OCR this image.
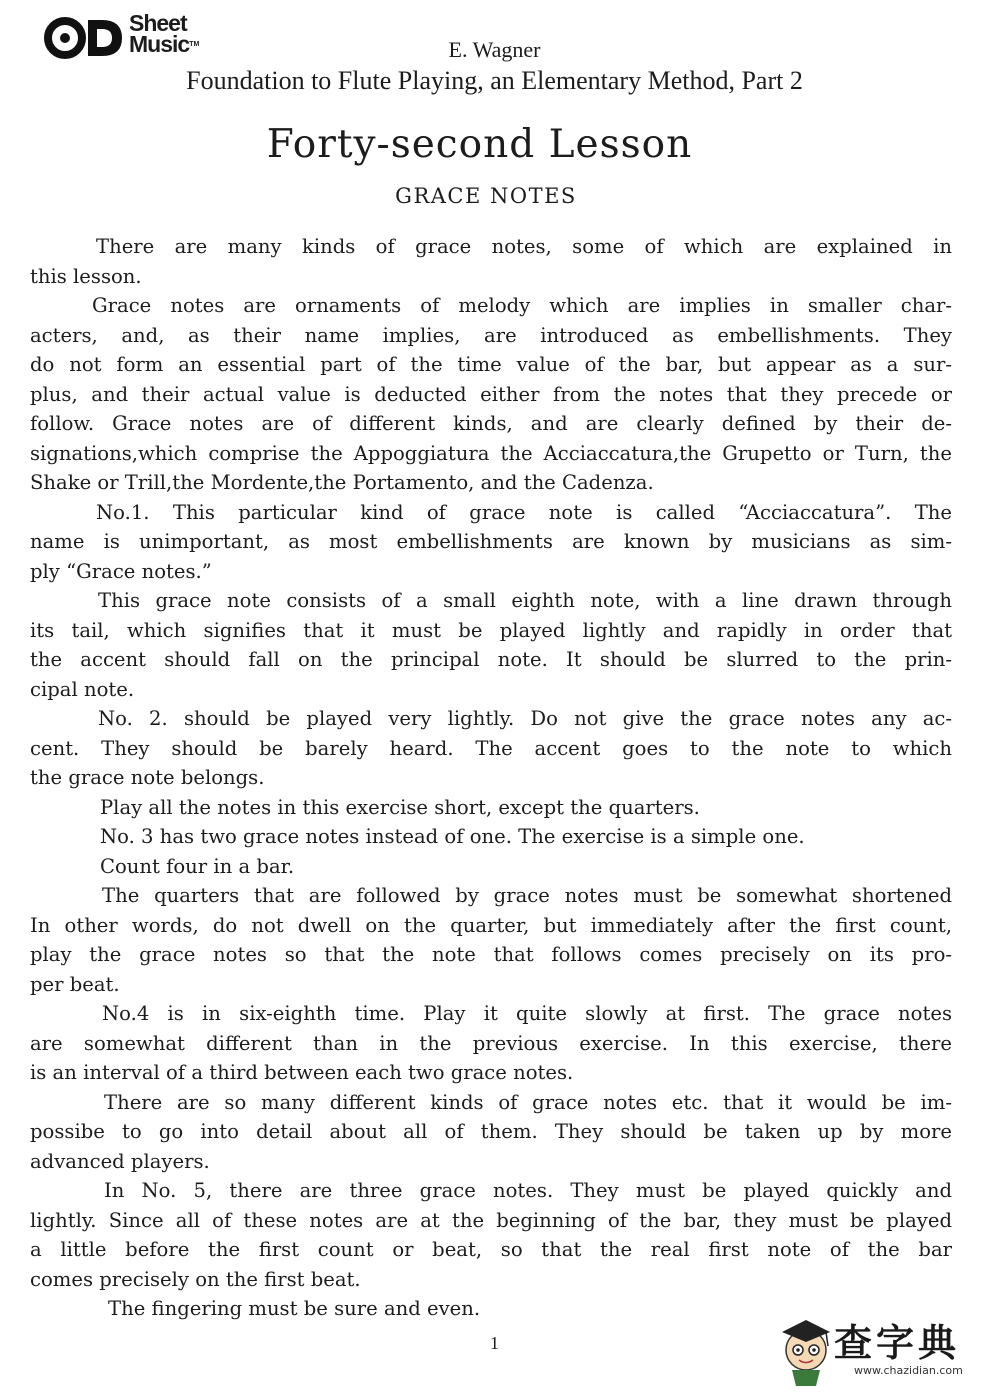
Sheet
Music™	E. Wagner
Foundation to Flute Playing, an Elementary Method, Part 2
Forty-second Lesson
GRACE NOTES
There are many kinds of grace notes, some of which are explained in
this lesson.
Grace notes are ornaments of melody which are implies in smaller char-
acters, and, as their name implies, are introduced as embellishments. They
do not form an essential part of the time value of the bar, but appear as a sur-
plus, and their actual value is deducted either from the notes that they precede or
follow. Grace notes are of different kinds, and are clearly defined by their de-
signations,which comprise the Appoggiatura the Acciaccatura,the Grupetto or Turn, the
Shake or Trill,the Mordente,the Portamento, and the Cadenza.
No.1. This particular kind of grace note is called “Acciaccatura”. The
name is unimportant, as most embellishments are known by musicians as sim-
ply “Grace notes.”
This grace note consists of a small eighth note, with a line drawn through
its tail, which signifies that it must be played lightly and rapidly in order that
the accent should fall on the principal note. It should be slurred to the prin-
cipal note.
No. 2. should be played very lightly. Do not give the grace notes any ac-
cent. They should be barely heard. The accent goes to the note to which
the grace note belongs.
Play all the notes in this exercise short, except the quarters.
No. 3 has two grace notes instead of one. The exercise is a simple one.
Count four in a bar.
The quarters that are followed by grace notes must be somewhat shortened
In other words, do not dwell on the quarter, but immediately after the first count,
play the grace notes so that the note that follows comes precisely on its pro-
per beat.
No.4 is in six-eighth time. Play it quite slowly at first. The grace notes
are somewhat different than in the previous exercise. In this exercise, there
is an interval of a third between each two grace notes.
There are so many different kinds of grace notes etc. that it would be im-
possibe to go into detail about all of them. They should be taken up by more
advanced players.
In No. 5, there are three grace notes. They must be played quickly and
lightly. Since all of these notes are at the beginning of the bar, they must be played
a little before the first count or beat, so that the real first note of the bar
comes precisely on the first beat.
The fingering must be sure and even.
1	查字典
www.chazidian.com
